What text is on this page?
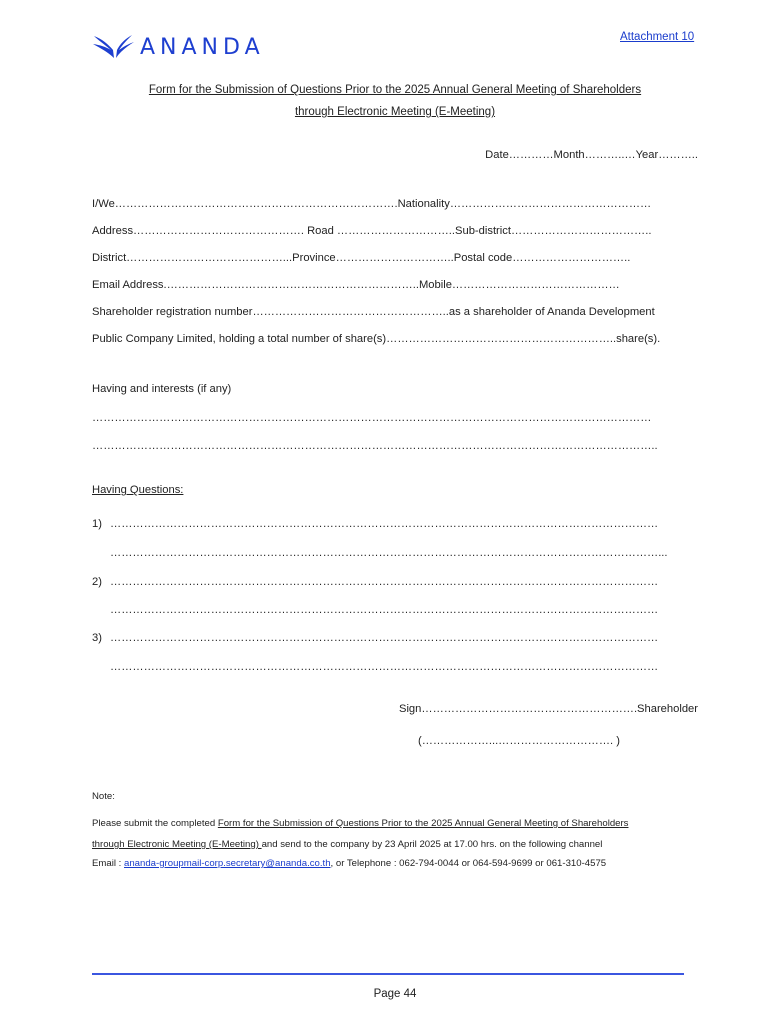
Attachment 10
ANANDA
Form for the Submission of Questions Prior to the 2025 Annual General Meeting of Shareholders
through Electronic Meeting (E-Meeting)
Date…………Month………..…Year………..
I/We………………………………………………………………….Nationality………………………………………………
Address………………………………………. Road …………………………..Sub-district………………………………..
District……………………………………...Province…………………………..Postal code…………………………..
Email Address.…………………………………………………………..Mobile………………………………………
Shareholder registration number……………………………………………..as a shareholder of Ananda Development
Public Company Limited, holding a total number of share(s)……………………………………………………..share(s).
Having and interests (if any)
……………………………………………………………………………………………………………………………………
……………………………………………………………………………………………………………………………………..
Having Questions:
1) …………………………………………………………………………………………………………………………………
…………………………………………………………………………………………………………………………………...
2) …………………………………………………………………………………………………………………………………
…………………………………………………………………………………………………………………………………
3) …………………………………………………………………………………………………………………………………
…………………………………………………………………………………………………………………………………
Sign………………………………………………….Shareholder
(………………...…………………………. )
Note:
Please submit the completed Form for the Submission of Questions Prior to the 2025 Annual General Meeting of Shareholders
through Electronic Meeting (E-Meeting) and send to the company by 23 April 2025 at 17.00 hrs. on the following channel
Email : ananda-groupmail-corp.secretary@ananda.co.th, or Telephone : 062-794-0044 or 064-594-9699 or 061-310-4575
Page 44
